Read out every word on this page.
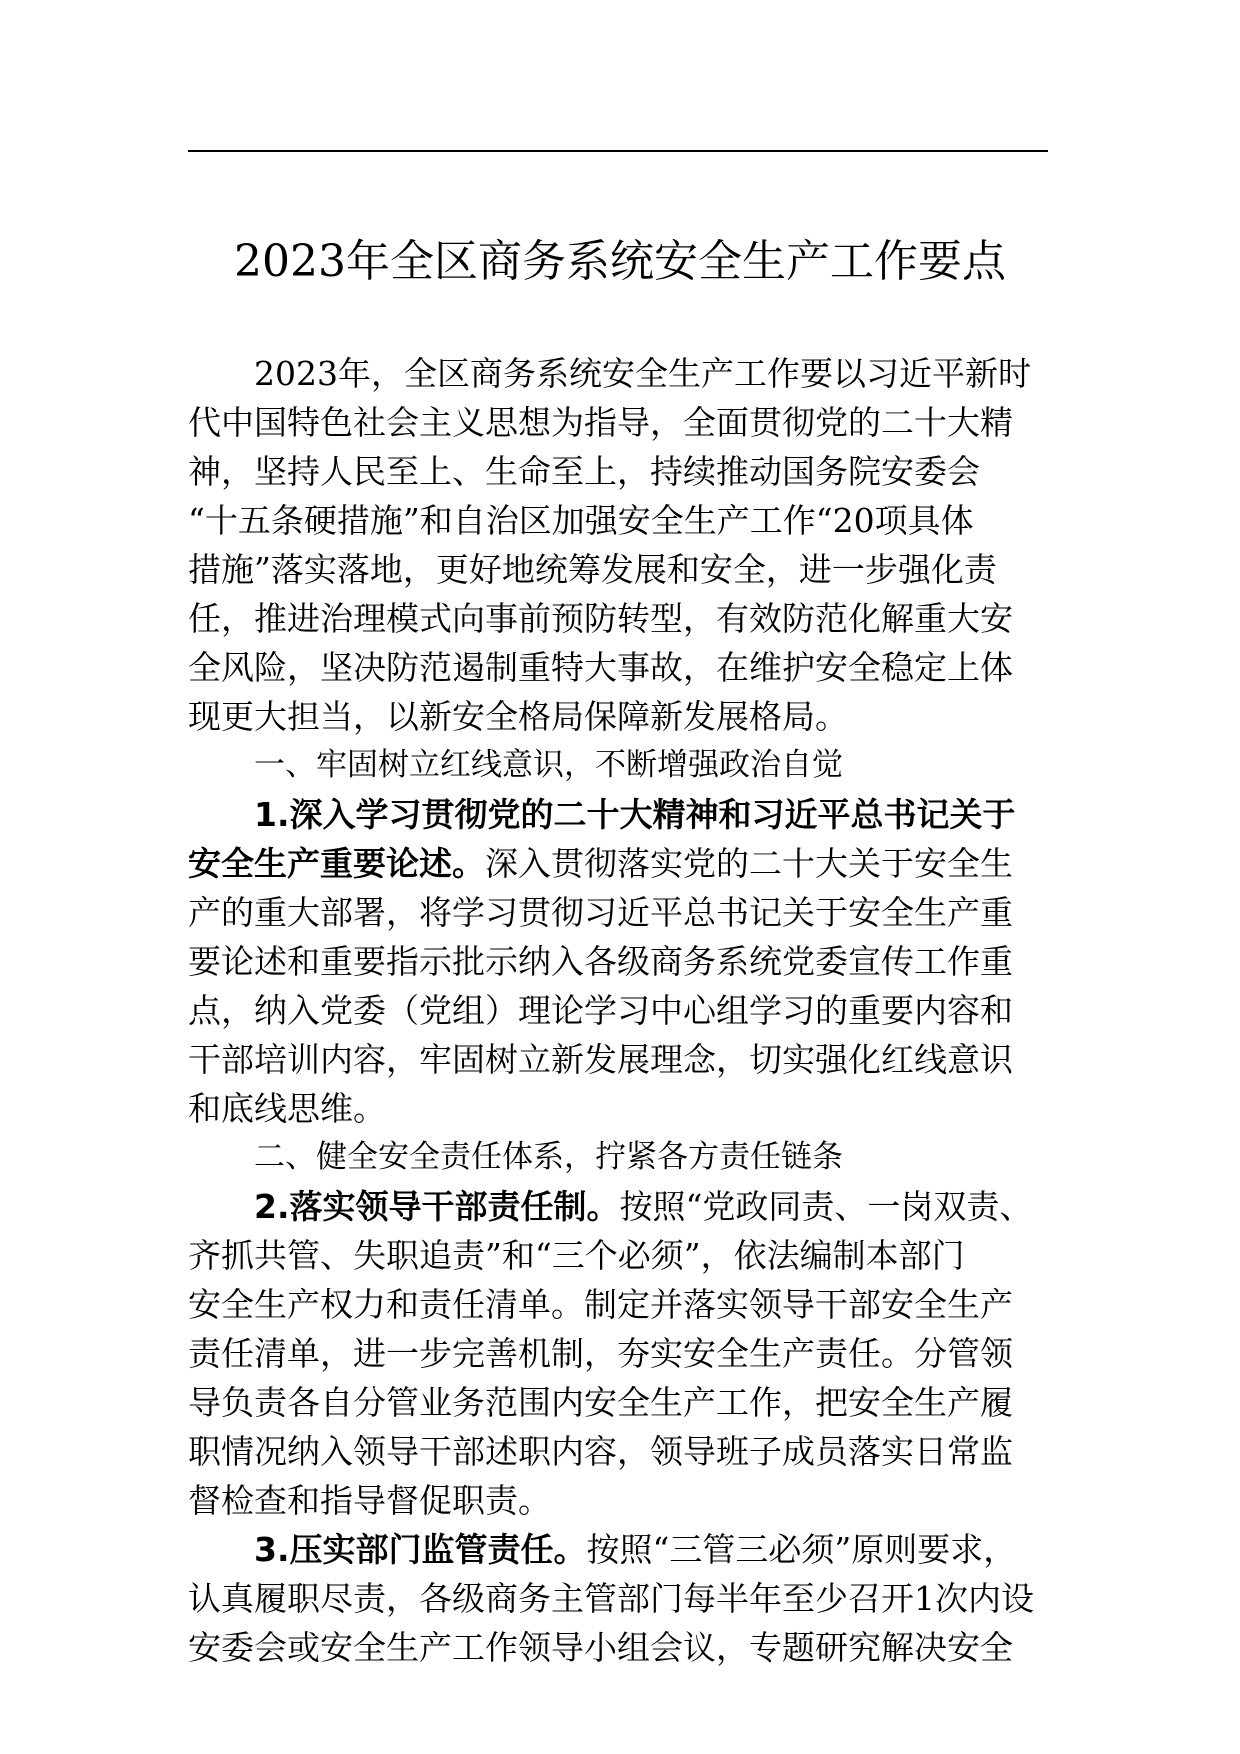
2023年全区商务系统安全生产工作要点
2023年，全区商务系统安全生产工作要以习近平新时
代中国特色社会主义思想为指导，全面贯彻党的二十大精
神，坚持人民至上、生命至上，持续推动国务院安委会
“十五条硬措施”和自治区加强安全生产工作“20项具体
措施”落实落地，更好地统筹发展和安全，进一步强化责
任，推进治理模式向事前预防转型，有效防范化解重大安
全风险，坚决防范遏制重特大事故，在维护安全稳定上体
现更大担当，以新安全格局保障新发展格局。
一、牢固树立红线意识，不断增强政治自觉
1.深入学习贯彻党的二十大精神和习近平总书记关于
安全生产重要论述。深入贯彻落实党的二十大关于安全生
产的重大部署，将学习贯彻习近平总书记关于安全生产重
要论述和重要指示批示纳入各级商务系统党委宣传工作重
点，纳入党委（党组）理论学习中心组学习的重要内容和
干部培训内容，牢固树立新发展理念，切实强化红线意识
和底线思维。
二、健全安全责任体系，拧紧各方责任链条
2.落实领导干部责任制。按照“党政同责、一岗双责、
齐抓共管、失职追责”和“三个必须”，依法编制本部门
安全生产权力和责任清单。制定并落实领导干部安全生产
责任清单，进一步完善机制，夯实安全生产责任。分管领
导负责各自分管业务范围内安全生产工作，把安全生产履
职情况纳入领导干部述职内容，领导班子成员落实日常监
督检查和指导督促职责。
3.压实部门监管责任。按照“三管三必须”原则要求，
认真履职尽责，各级商务主管部门每半年至少召开1次内设
安委会或安全生产工作领导小组会议，专题研究解决安全
